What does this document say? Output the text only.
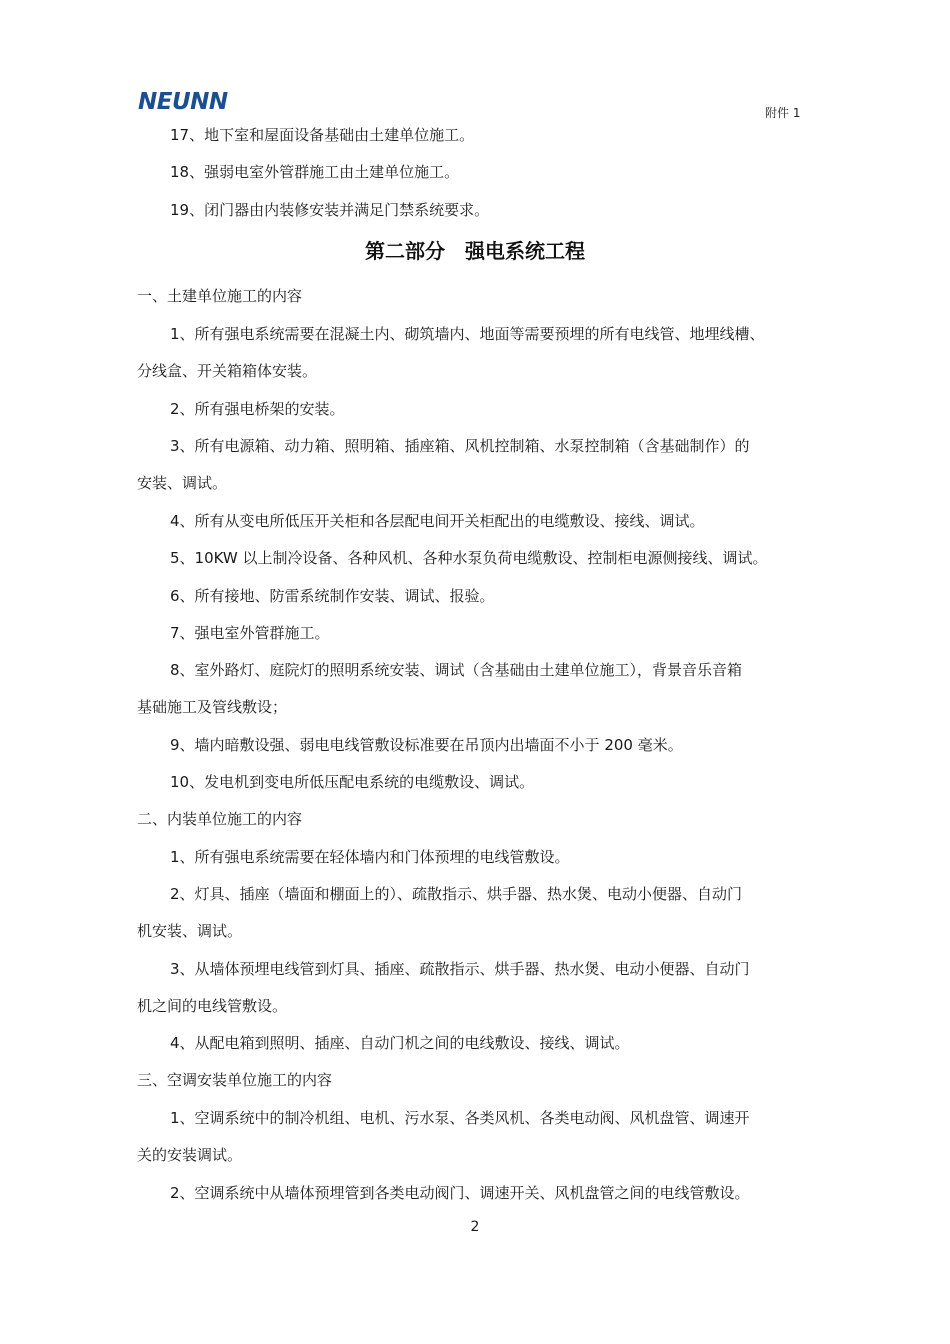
NEUNN	附件 1
17、地下室和屋面设备基础由土建单位施工。
18、强弱电室外管群施工由土建单位施工。
19、闭门器由内装修安装并满足门禁系统要求。
第二部分　强电系统工程
一、土建单位施工的内容
1、所有强电系统需要在混凝土内、砌筑墙内、地面等需要预埋的所有电线管、地埋线槽、
分线盒、开关箱箱体安装。
2、所有强电桥架的安装。
3、所有电源箱、动力箱、照明箱、插座箱、风机控制箱、水泵控制箱（含基础制作）的
安装、调试。
4、所有从变电所低压开关柜和各层配电间开关柜配出的电缆敷设、接线、调试。
5、10KW 以上制冷设备、各种风机、各种水泵负荷电缆敷设、控制柜电源侧接线、调试。
6、所有接地、防雷系统制作安装、调试、报验。
7、强电室外管群施工。
8、室外路灯、庭院灯的照明系统安装、调试（含基础由土建单位施工），背景音乐音箱
基础施工及管线敷设；
9、墙内暗敷设强、弱电电线管敷设标准要在吊顶内出墙面不小于 200 毫米。
10、发电机到变电所低压配电系统的电缆敷设、调试。
二、内装单位施工的内容
1、所有强电系统需要在轻体墙内和门体预埋的电线管敷设。
2、灯具、插座（墙面和棚面上的）、疏散指示、烘手器、热水煲、电动小便器、自动门
机安装、调试。
3、从墙体预埋电线管到灯具、插座、疏散指示、烘手器、热水煲、电动小便器、自动门
机之间的电线管敷设。
4、从配电箱到照明、插座、自动门机之间的电线敷设、接线、调试。
三、空调安装单位施工的内容
1、空调系统中的制冷机组、电机、污水泵、各类风机、各类电动阀、风机盘管、调速开
关的安装调试。
2、空调系统中从墙体预埋管到各类电动阀门、调速开关、风机盘管之间的电线管敷设。
2
